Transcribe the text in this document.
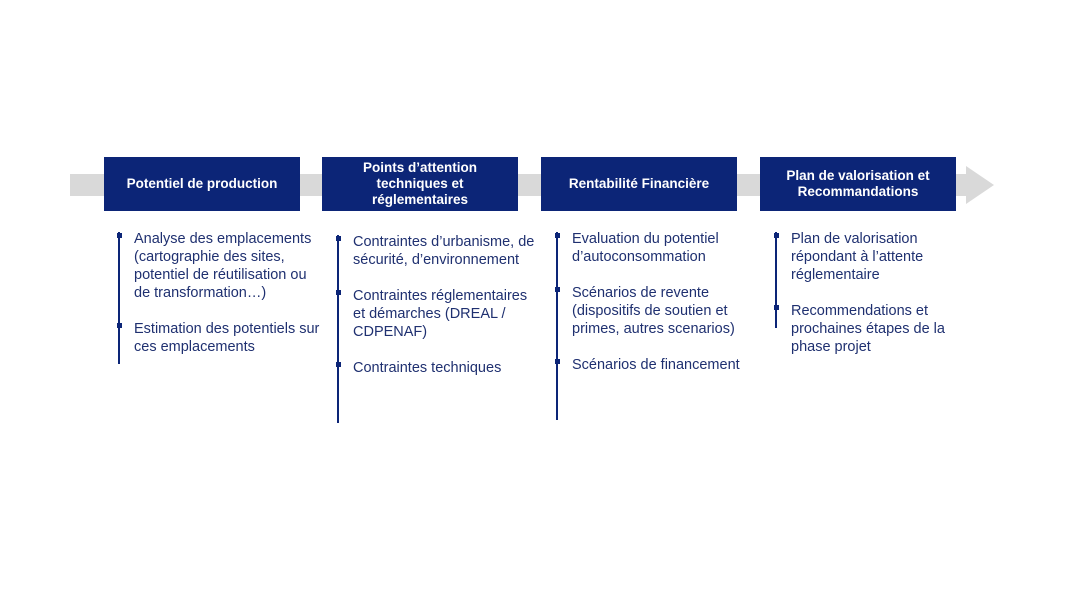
Potentiel de production
Analyse des emplacements (cartographie des sites, potentiel de réutilisation ou de transformation…)
Estimation des potentiels sur ces emplacements
Points d’attention techniques et réglementaires
Contraintes d’urbanisme, de sécurité, d’environnement
Contraintes réglementaires et démarches (DREAL / CDPENAF)
Contraintes techniques
Rentabilité Financière
Evaluation du potentiel d’autoconsommation
Scénarios de revente (dispositifs de soutien et primes, autres scenarios)
Scénarios de financement
Plan de valorisation et Recommandations
Plan de valorisation répondant à l’attente réglementaire
Recommendations et prochaines étapes de la phase projet
